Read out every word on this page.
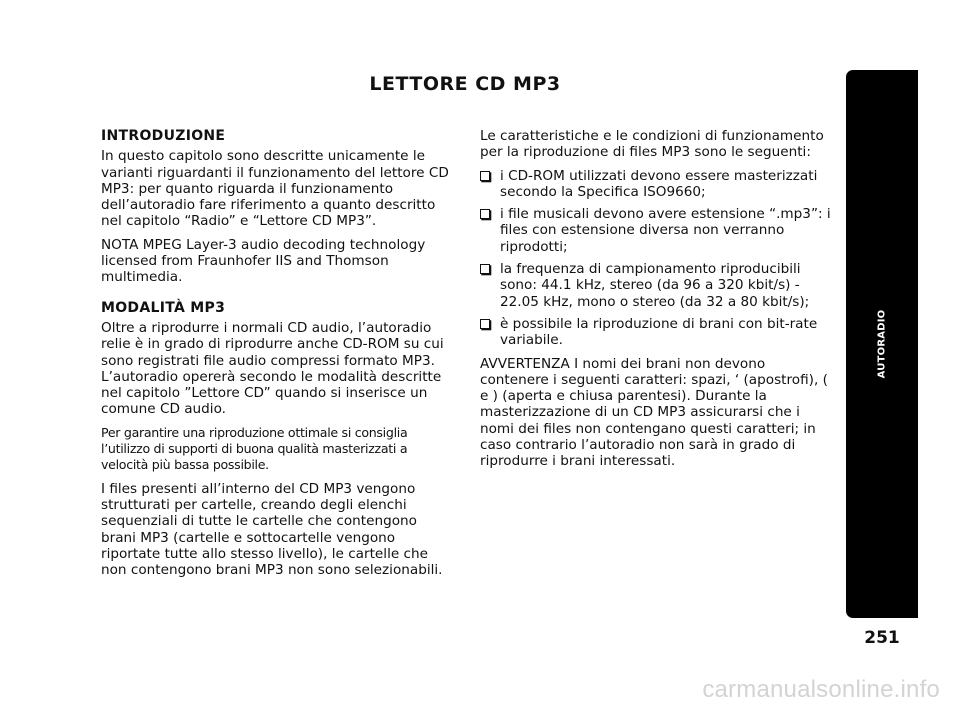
LETTORE CD MP3
INTRODUZIONE

In questo capitolo sono descritte unicamente le varianti riguardanti il funzionamento del lettore CD MP3: per quanto riguarda il funzionamento dell’autoradio fare riferimento a quanto descritto nel capitolo “Radio” e “Lettore CD MP3”.

NOTA MPEG Layer-3 audio decoding technology licensed from Fraunhofer IIS and Thomson multimedia.

MODALITÀ MP3

Oltre a riprodurre i normali CD audio, l’autoradio relie è in grado di riprodurre anche CD-ROM su cui sono registrati file audio compressi formato MP3. L’autoradio opererà secondo le modalità descritte nel capitolo ”Lettore CD” quando si inserisce un comune CD audio.

Per garantire una riproduzione ottimale si consiglia l’utilizzo di supporti di buona qualità masterizzati a velocità più bassa possibile.

I files presenti all’interno del CD MP3 vengono strutturati per cartelle, creando degli elenchi sequenziali di tutte le cartelle che contengono brani MP3 (cartelle e sottocartelle vengono riportate tutte allo stesso livello), le cartelle che non contengono brani MP3 non sono selezionabili.

Le caratteristiche e le condizioni di funzionamento per la riproduzione di files MP3 sono le seguenti:

i CD-ROM utilizzati devono essere masterizzati secondo la Specifica ISO9660;
i file musicali devono avere estensione “.mp3”: i files con estensione diversa non verranno riprodotti;
la frequenza di campionamento riproducibili sono: 44.1 kHz, stereo (da 96 a 320 kbit/s) - 22.05 kHz, mono o stereo (da 32 a 80 kbit/s);
è possibile la riproduzione di brani con bit-rate variabile.

AVVERTENZA I nomi dei brani non devono contenere i seguenti caratteri: spazi, ‘ (apostrofi), ( e ) (aperta e chiusa parentesi). Durante la masterizzazione di un CD MP3 assicurarsi che i nomi dei files non contengano questi caratteri; in caso contrario l’autoradio non sarà in grado di riprodurre i brani interessati.

AUTORADIO
251
carmanualsonline.info
